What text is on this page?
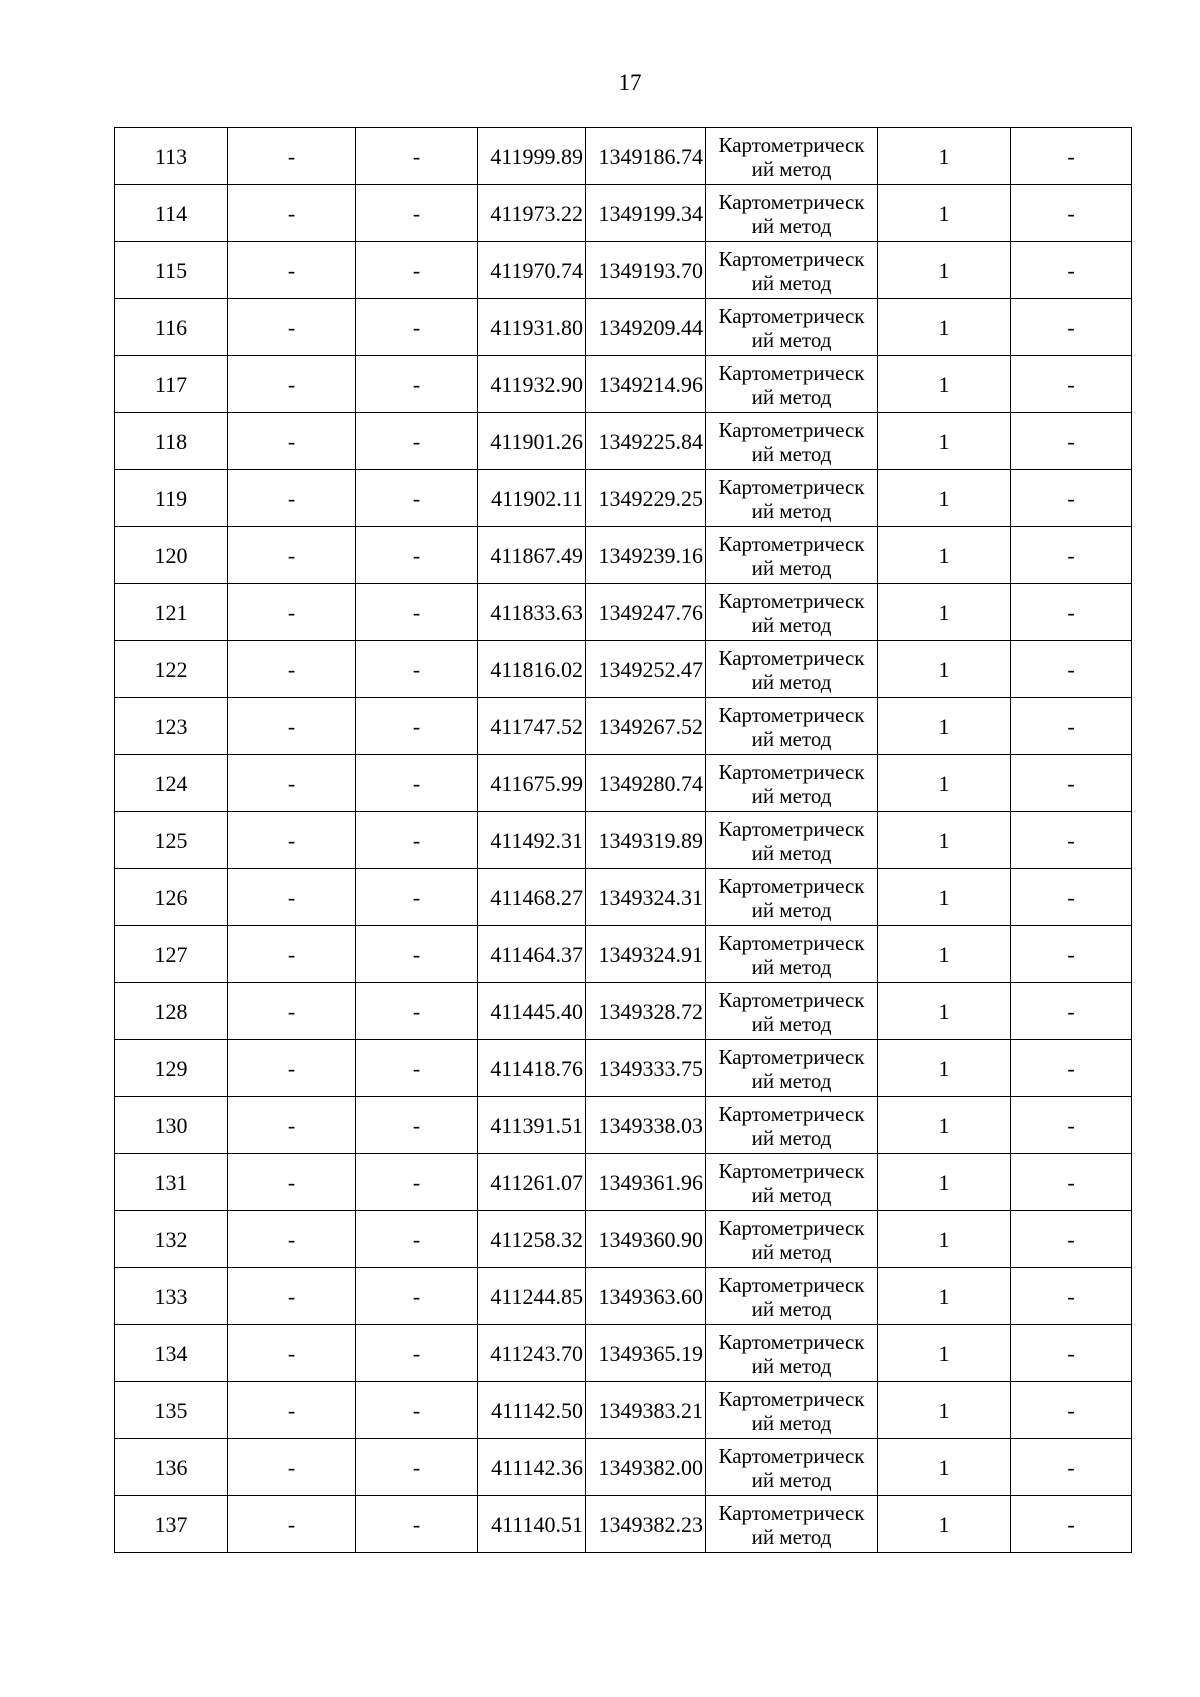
17
113	-	-	411999.89	1349186.74	Картометрическ
ий метод	1	-
114	-	-	411973.22	1349199.34	Картометрическ
ий метод	1	-
115	-	-	411970.74	1349193.70	Картометрическ
ий метод	1	-
116	-	-	411931.80	1349209.44	Картометрическ
ий метод	1	-
117	-	-	411932.90	1349214.96	Картометрическ
ий метод	1	-
118	-	-	411901.26	1349225.84	Картометрическ
ий метод	1	-
119	-	-	411902.11	1349229.25	Картометрическ
ий метод	1	-
120	-	-	411867.49	1349239.16	Картометрическ
ий метод	1	-
121	-	-	411833.63	1349247.76	Картометрическ
ий метод	1	-
122	-	-	411816.02	1349252.47	Картометрическ
ий метод	1	-
123	-	-	411747.52	1349267.52	Картометрическ
ий метод	1	-
124	-	-	411675.99	1349280.74	Картометрическ
ий метод	1	-
125	-	-	411492.31	1349319.89	Картометрическ
ий метод	1	-
126	-	-	411468.27	1349324.31	Картометрическ
ий метод	1	-
127	-	-	411464.37	1349324.91	Картометрическ
ий метод	1	-
128	-	-	411445.40	1349328.72	Картометрическ
ий метод	1	-
129	-	-	411418.76	1349333.75	Картометрическ
ий метод	1	-
130	-	-	411391.51	1349338.03	Картометрическ
ий метод	1	-
131	-	-	411261.07	1349361.96	Картометрическ
ий метод	1	-
132	-	-	411258.32	1349360.90	Картометрическ
ий метод	1	-
133	-	-	411244.85	1349363.60	Картометрическ
ий метод	1	-
134	-	-	411243.70	1349365.19	Картометрическ
ий метод	1	-
135	-	-	411142.50	1349383.21	Картометрическ
ий метод	1	-
136	-	-	411142.36	1349382.00	Картометрическ
ий метод	1	-
137	-	-	411140.51	1349382.23	Картометрическ
ий метод	1	-
